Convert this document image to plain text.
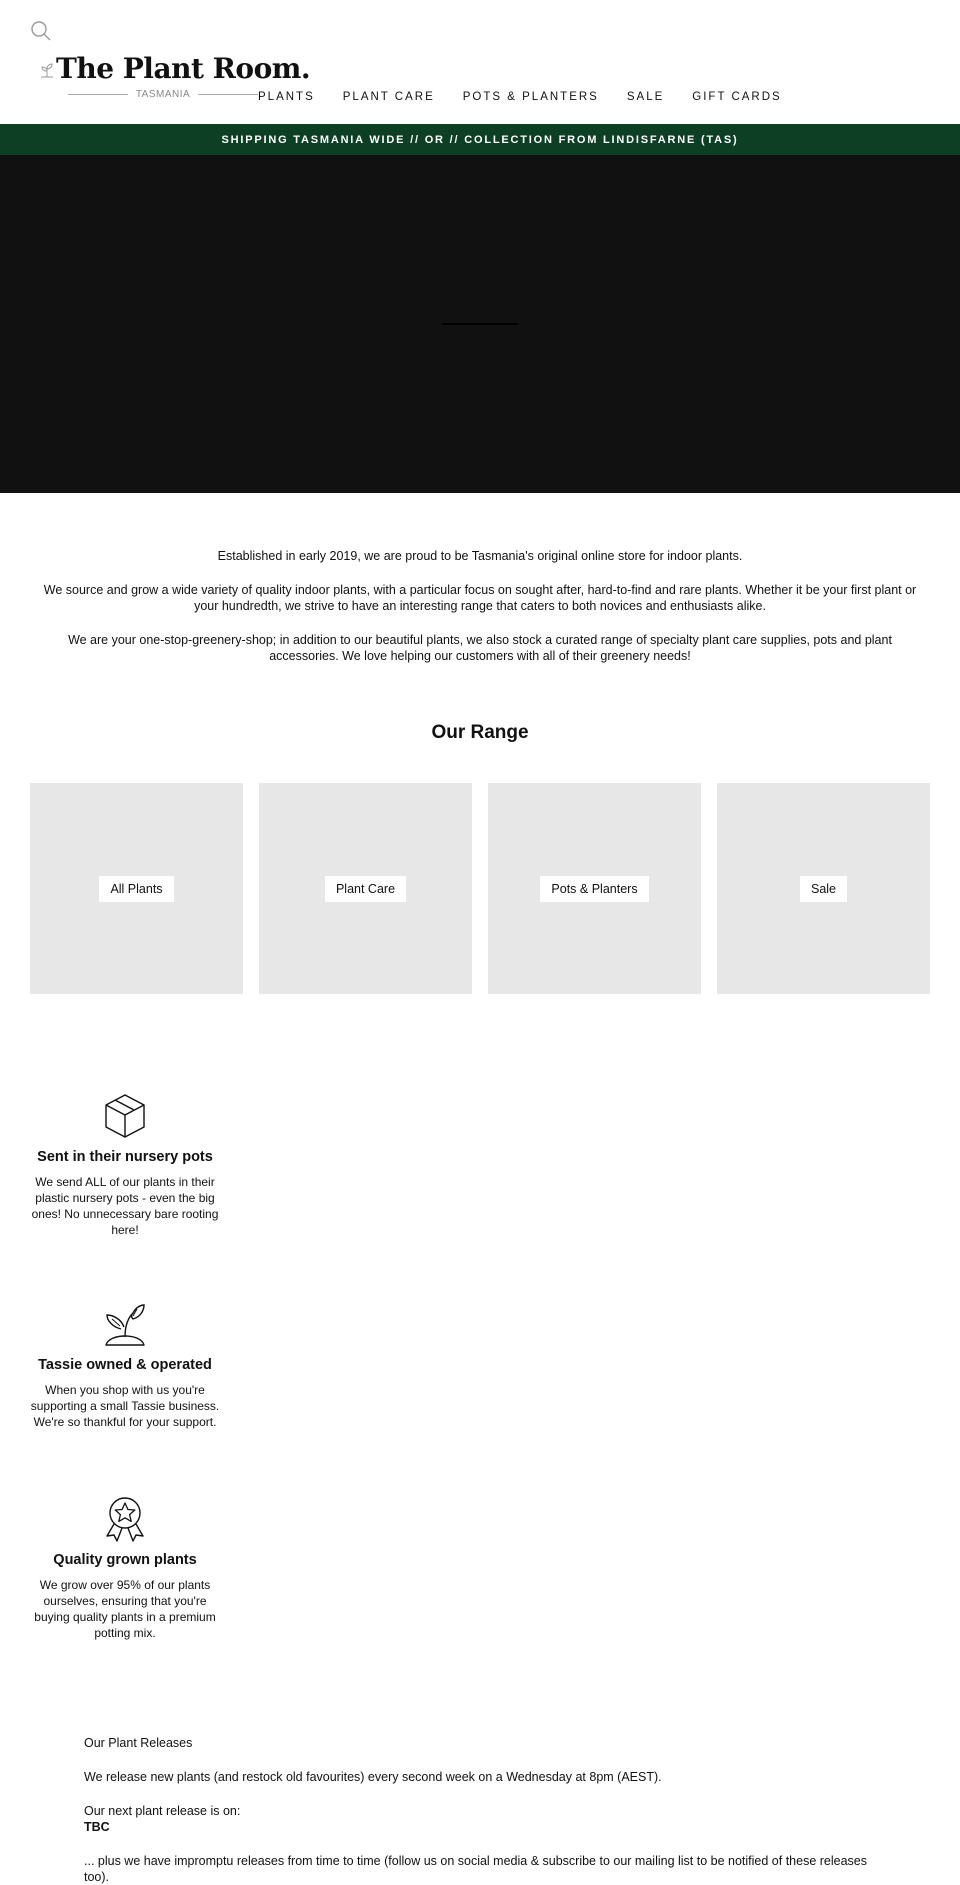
The Plant Room.
TASMANIA	PLANTS PLANT CARE POTS & PLANTERS SALE GIFT CARDS
SHIPPING TASMANIA WIDE // OR // COLLECTION FROM LINDISFARNE (TAS)

Established in early 2019, we are proud to be Tasmania's original online store for indoor plants.

We source and grow a wide variety of quality indoor plants, with a particular focus on sought after, hard-to-find and rare plants. Whether it be your first plant or your hundredth, we strive to have an interesting range that caters to both novices and enthusiasts alike.

We are your one-stop-greenery-shop; in addition to our beautiful plants, we also stock a curated range of specialty plant care supplies, pots and plant accessories. We love helping our customers with all of their greenery needs!

Our Range
All Plants	Plant Care	Pots & Planters	Sale
Sent in their nursery pots

We send ALL of our plants in their plastic nursery pots - even the big ones! No unnecessary bare rooting here!

Tassie owned & operated

When you shop with us you're supporting a small Tassie business. We're so thankful for your support.

Quality grown plants

We grow over 95% of our plants ourselves, ensuring that you're buying quality plants in a premium potting mix.

Our Plant Releases
We release new plants (and restock old favourites) every second week on a Wednesday at 8pm (AEST).
Our next plant release is on:
TBC
... plus we have impromptu releases from time to time (follow us on social media & subscribe to our mailing list to be notified of these releases too).
